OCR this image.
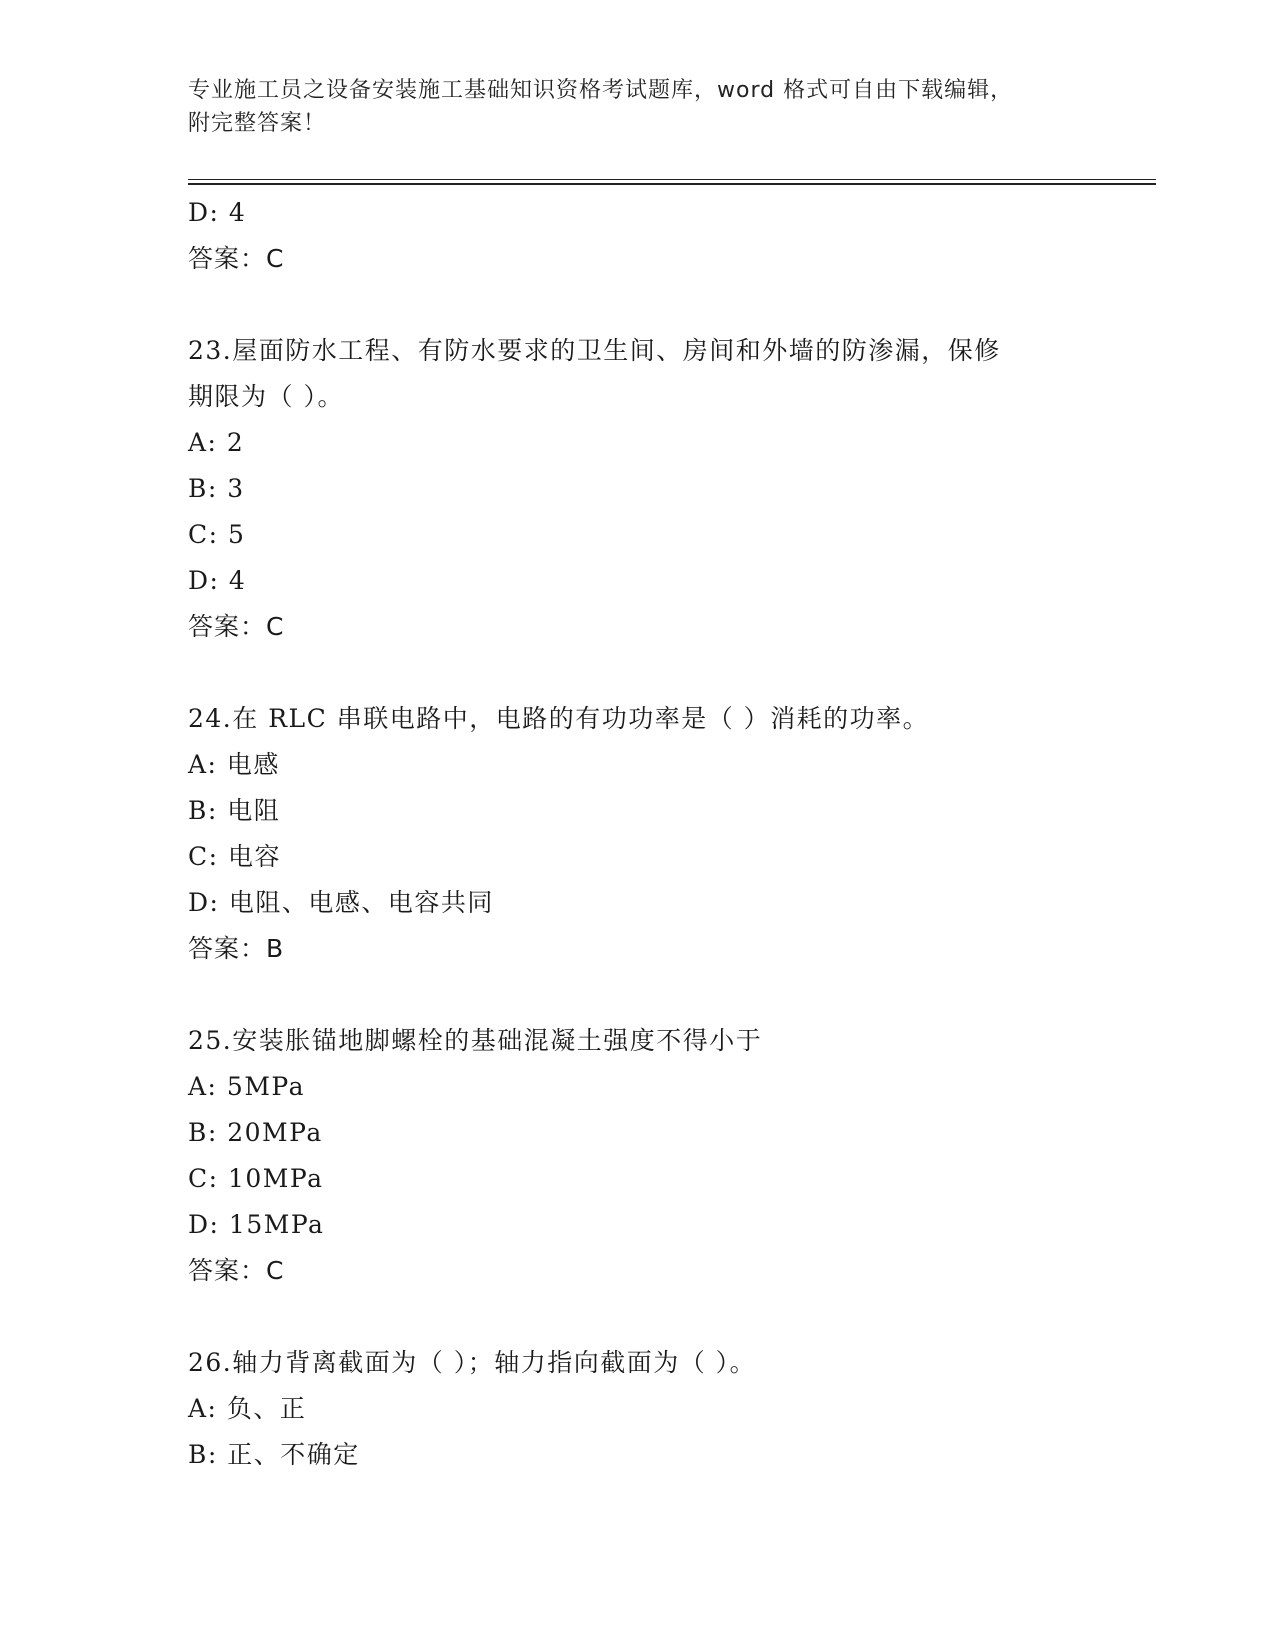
专业施工员之设备安装施工基础知识资格考试题库，word 格式可自由下载编辑，
附完整答案！
D: 4
答案：C
23.屋面防水工程、有防水要求的卫生间、房间和外墙的防渗漏，保修
期限为（ ）。
A: 2
B: 3
C: 5
D: 4
答案：C
24.在 RLC 串联电路中，电路的有功功率是（ ）消耗的功率。
A: 电感
B: 电阻
C: 电容
D: 电阻、电感、电容共同
答案：B
25.安装胀锚地脚螺栓的基础混凝土强度不得小于
A: 5MPa
B: 20MPa
C: 10MPa
D: 15MPa
答案：C
26.轴力背离截面为（ ）；轴力指向截面为（ ）。
A: 负、正
B: 正、不确定
